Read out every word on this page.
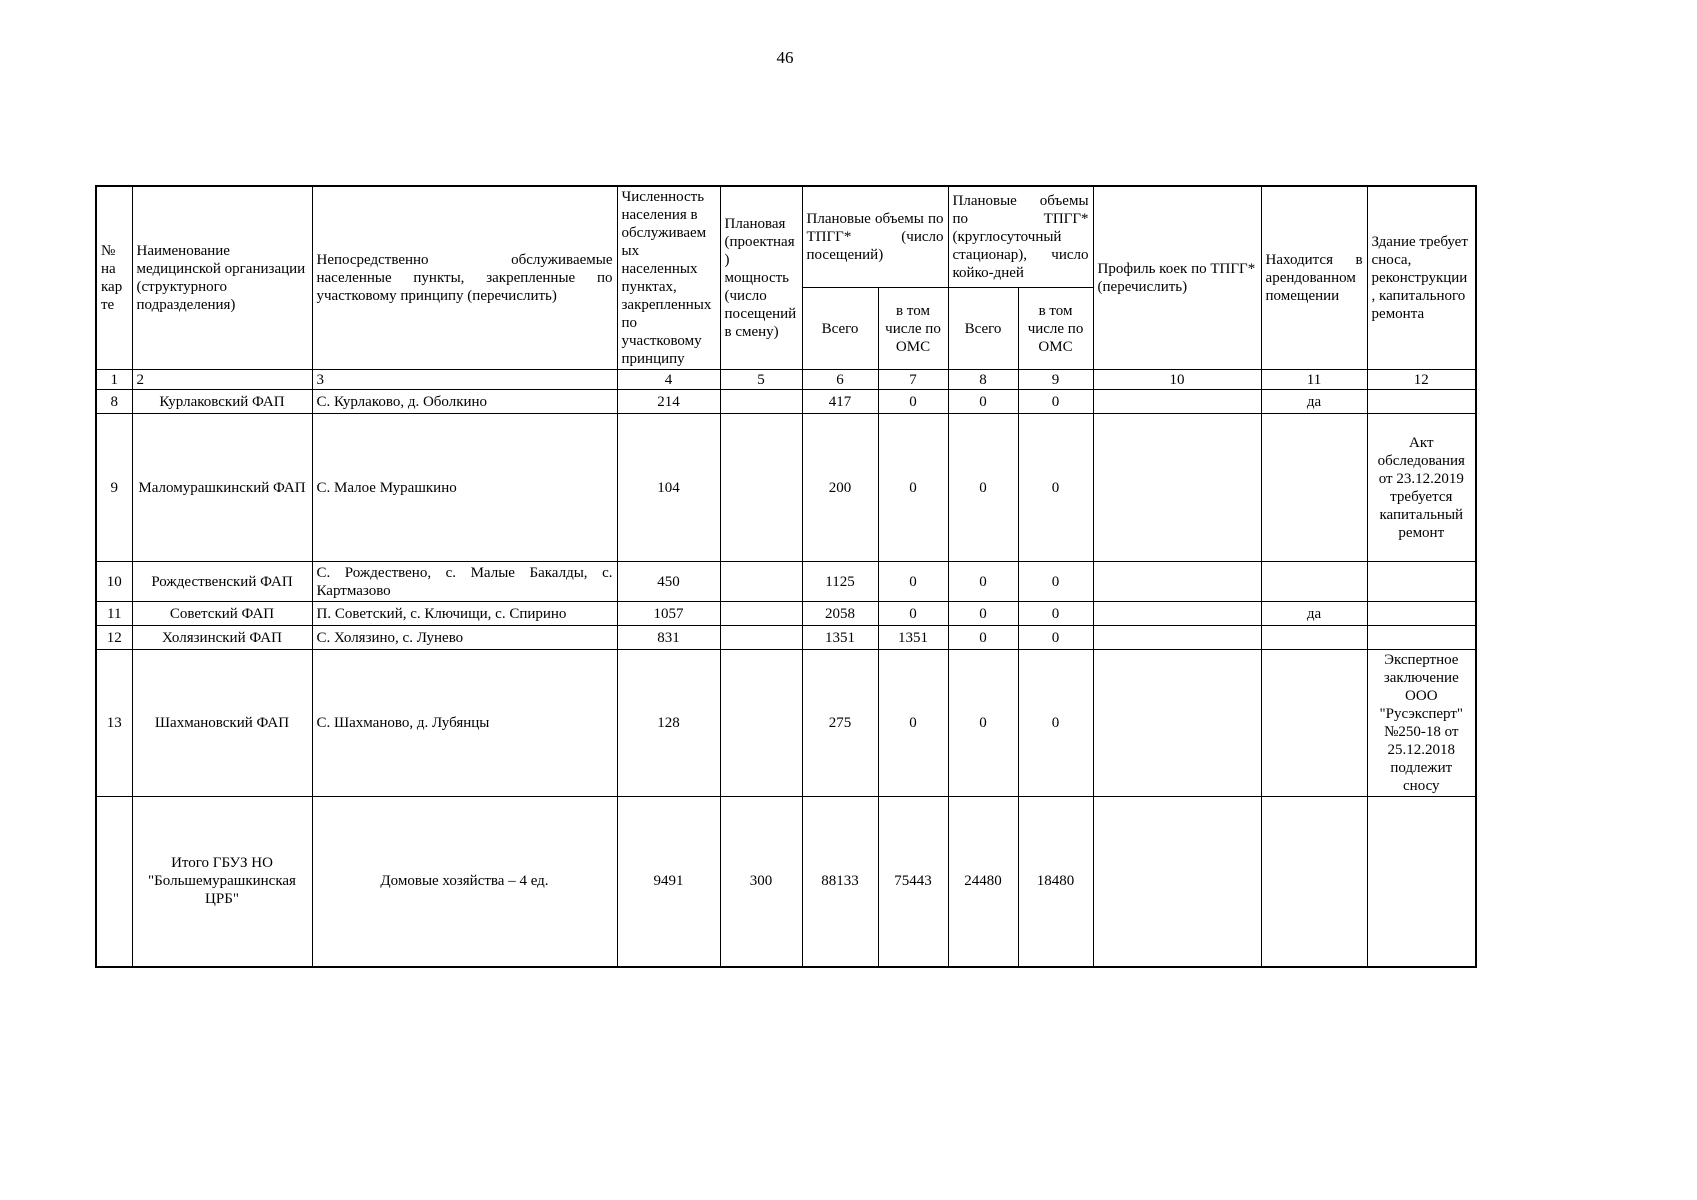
46
№ на карте	Наименование медицинской организации (структурного подразделения)	Непосредственно обслуживаемые населенные пункты, закрепленные по участковому принципу (перечислить)	Численность населения в обслуживаемых населенных пунктах, закрепленных по участковому принципу	Плановая (проектная) мощность (число посещений в смену)	Плановые объемы по ТПГГ* (число посещений)		Плановые объемы по ТПГГ* (круглосуточный стационар), число койко-дней		Профиль коек по ТПГГ* (перечислить)	Находится в арендованном помещении	Здание требует сноса, реконструкции, капитального ремонта
					Всего	в том числе по ОМС	Всего	в том числе по ОМС			
1	2	3	4	5	6	7	8	9	10	11	12
8	Курлаковский ФАП	С. Курлаково, д. Оболкино	214		417	0	0	0		да	
9	Маломурашкинский ФАП	С. Малое Мурашкино	104		200	0	0	0			Акт обследования от 23.12.2019 требуется капитальный ремонт
10	Рождественский ФАП	С. Рождествено, с. Малые Бакалды, с. Картмазово	450		1125	0	0	0			
11	Советский ФАП	П. Советский, с. Ключищи, с. Спирино	1057		2058	0	0	0		да	
12	Холязинский ФАП	С. Холязино, с. Лунево	831		1351	1351	0	0			
13	Шахмановский ФАП	С. Шахманово, д. Лубянцы	128		275	0	0	0			Экспертное заключение ООО "Русэксперт" №250-18 от 25.12.2018 подлежит сносу
	Итого ГБУЗ НО "Большемурашкинская ЦРБ"	Домовые хозяйства – 4 ед.	9491	300	88133	75443	24480	18480			
